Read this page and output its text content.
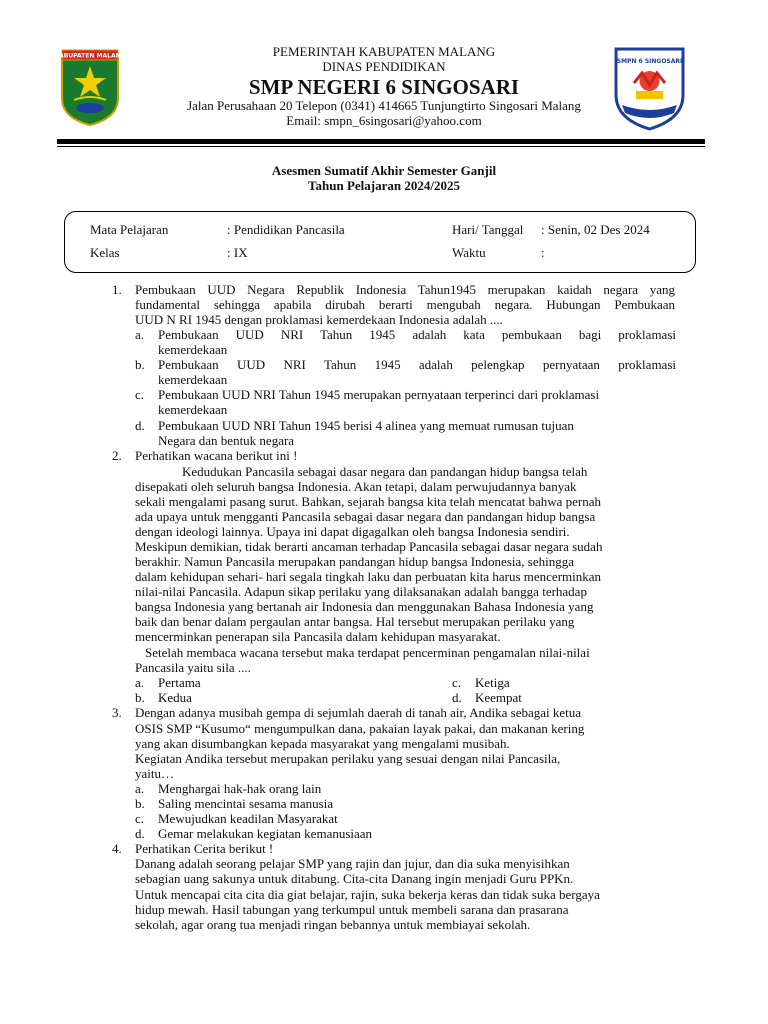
KABUPATEN MALANG
SMPN 6 SINGOSARI
PEMERINTAH KABUPATEN MALANG
DINAS PENDIDIKAN
SMP NEGERI 6 SINGOSARI
Jalan Perusahaan 20 Telepon (0341) 414665 Tunjungtirto Singosari Malang
Email: smpn_6singosari@yahoo.com
Asesmen Sumatif Akhir Semester Ganjil
Tahun Pelajaran 2024/2025
Mata Pelajaran	: Pendidikan Pancasila	Hari/ Tanggal : Senin, 02 Des 2024
Kelas	: IX	Waktu	:
1. Pembukaan UUD Negara Republik Indonesia Tahun1945 merupakan kaidah negara yang
fundamental sehingga apabila dirubah berarti mengubah negara. Hubungan Pembukaan
UUD N RI 1945 dengan proklamasi kemerdekaan Indonesia adalah ....
a. Pembukaan UUD NRI Tahun 1945 adalah kata pembukaan bagi proklamasi
kemerdekaan
b. Pembukaan UUD NRI Tahun 1945 adalah pelengkap pernyataan proklamasi
kemerdekaan
c. Pembukaan UUD NRI Tahun 1945 merupakan pernyataan terperinci dari proklamasi
kemerdekaan
d. Pembukaan UUD NRI Tahun 1945 berisi 4 alinea yang memuat rumusan tujuan
Negara dan bentuk negara
2. Perhatikan wacana berikut ini !
Kedudukan Pancasila sebagai dasar negara dan pandangan hidup bangsa telah
disepakati oleh seluruh bangsa Indonesia. Akan tetapi, dalam perwujudannya banyak
sekali mengalami pasang surut. Bahkan, sejarah bangsa kita telah mencatat bahwa pernah
ada upaya untuk mengganti Pancasila sebagai dasar negara dan pandangan hidup bangsa
dengan ideologi lainnya. Upaya ini dapat digagalkan oleh bangsa Indonesia sendiri.
Meskipun demikian, tidak berarti ancaman terhadap Pancasila sebagai dasar negara sudah
berakhir. Namun Pancasila merupakan pandangan hidup bangsa Indonesia, sehingga
dalam kehidupan sehari- hari segala tingkah laku dan perbuatan kita harus mencerminkan
nilai-nilai Pancasila. Adapun sikap perilaku yang dilaksanakan adalah bangga terhadap
bangsa Indonesia yang bertanah air Indonesia dan menggunakan Bahasa Indonesia yang
baik dan benar dalam pergaulan antar bangsa. Hal tersebut merupakan perilaku yang
mencerminkan penerapan sila Pancasila dalam kehidupan masyarakat.
Setelah membaca wacana tersebut maka terdapat pencerminan pengamalan nilai-nilai
Pancasila yaitu sila ....
a. Pertama	c. Ketiga
b. Kedua	d. Keempat
3. Dengan adanya musibah gempa di sejumlah daerah di tanah air, Andika sebagai ketua
OSIS SMP “Kusumo“ mengumpulkan dana, pakaian layak pakai, dan makanan kering
yang akan disumbangkan kepada masyarakat yang mengalami musibah.
Kegiatan Andika tersebut merupakan perilaku yang sesuai dengan nilai Pancasila,
yaitu…
a. Menghargai hak-hak orang lain
b. Saling mencintai sesama manusia
c. Mewujudkan keadilan Masyarakat
d. Gemar melakukan kegiatan kemanusiaan
4. Perhatikan Cerita berikut !
Danang adalah seorang pelajar SMP yang rajin dan jujur, dan dia suka menyisihkan
sebagian uang sakunya untuk ditabung. Cita-cita Danang ingin menjadi Guru PPKn.
Untuk mencapai cita cita dia giat belajar, rajin, suka bekerja keras dan tidak suka bergaya
hidup mewah. Hasil tabungan yang terkumpul untuk membeli sarana dan prasarana
sekolah, agar orang tua menjadi ringan bebannya untuk membiayai sekolah.
